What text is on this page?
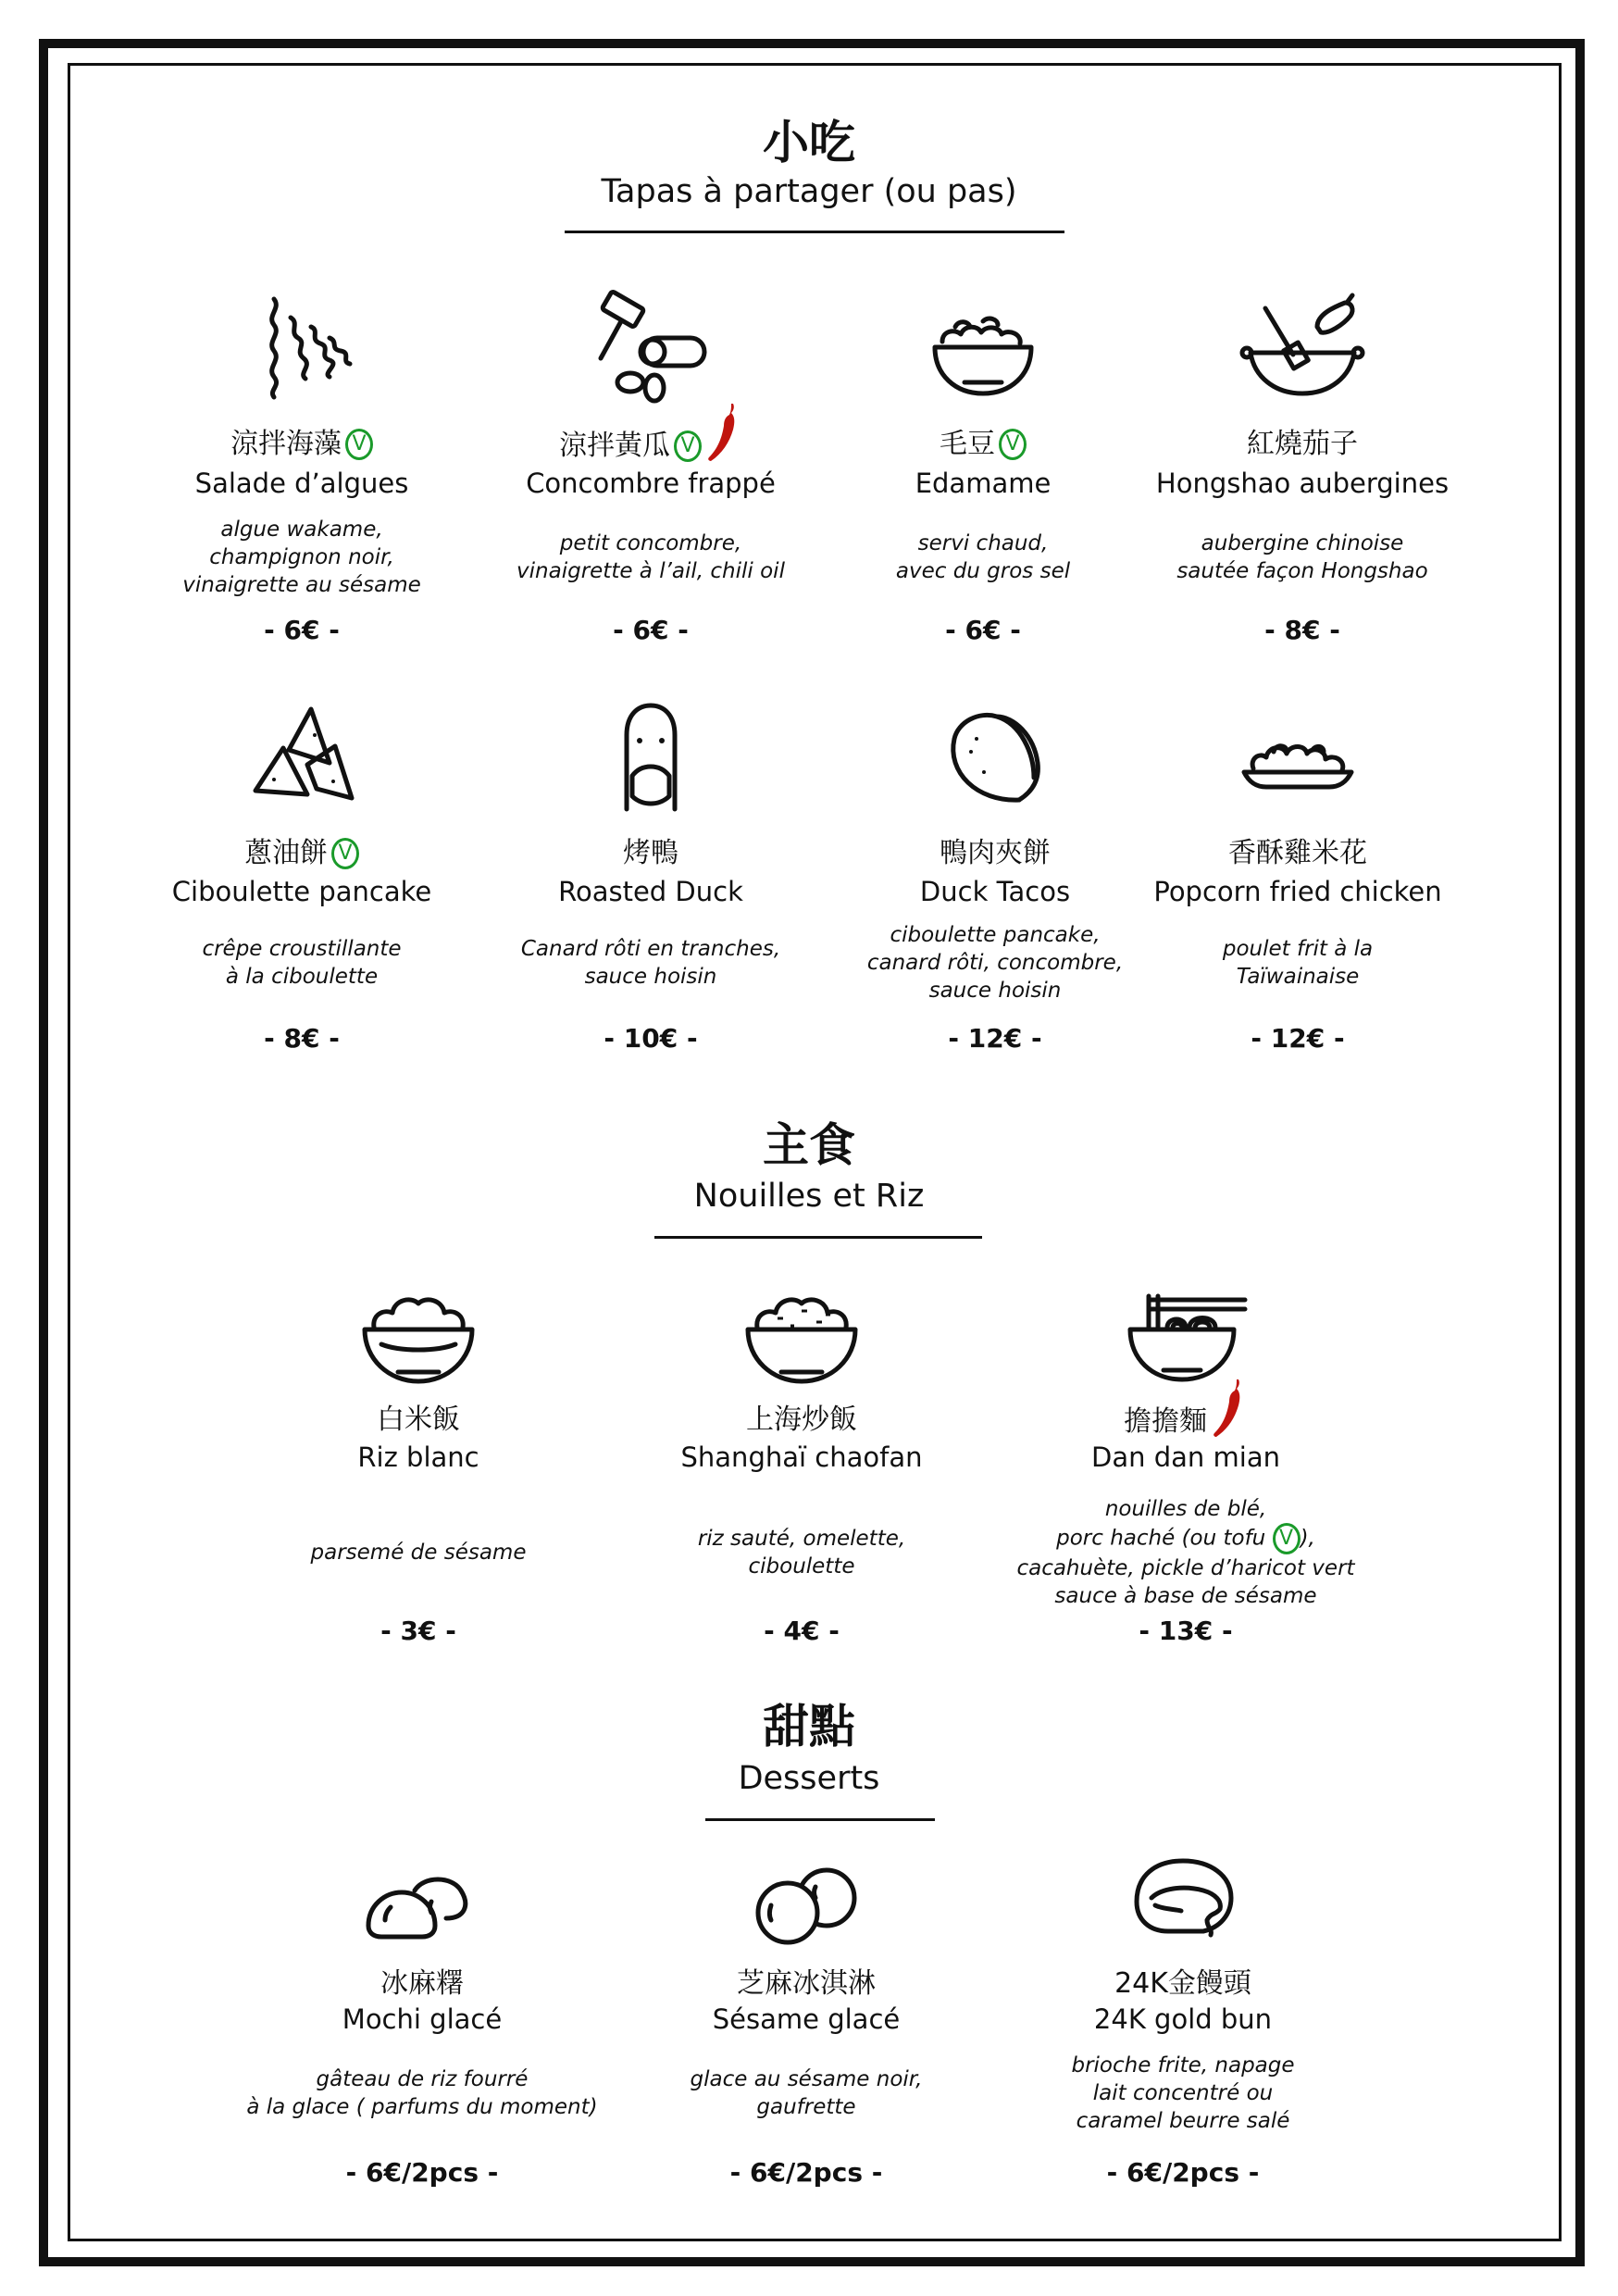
小吃
Tapas à partager (ou pas)
主食
Nouilles et Riz
甜點
Desserts
涼拌海藻 V
Salade d’algues
algue wakame,
champignon noir,
vinaigrette au sésame
- 6€ -
涼拌黃瓜 V
Concombre frappé
petit concombre,
vinaigrette à l’ail, chili oil
- 6€ -
毛豆 V
Edamame
servi chaud,
avec du gros sel
- 6€ -
紅燒茄子
Hongshao aubergines
aubergine chinoise
sautée façon Hongshao
- 8€ -
蔥油餅 V
Ciboulette pancake
crêpe croustillante
à la ciboulette
- 8€ -
烤鴨
Roasted Duck
Canard rôti en tranches,
sauce hoisin
- 10€ -
鴨肉夾餅
Duck Tacos
ciboulette pancake,
canard rôti, concombre,
sauce hoisin
- 12€ -
香酥雞米花
Popcorn fried chicken
poulet frit à la
Taïwainaise
- 12€ -
白米飯
Riz blanc
parsemé de sésame
- 3€ -
上海炒飯
Shanghaï chaofan
riz sauté, omelette,
ciboulette
- 4€ -
擔擔麵
Dan dan mian
nouilles de blé,
porc haché (ou tofu V ),
cacahuète, pickle d’haricot vert
sauce à base de sésame
- 13€ -
冰麻糬
Mochi glacé
gâteau de riz fourré
à la glace ( parfums du moment)
- 6€/2pcs -
芝麻冰淇淋
Sésame glacé
glace au sésame noir,
gaufrette
- 6€/2pcs -
24K金饅頭
24K gold bun
brioche frite, napage
lait concentré ou
caramel beurre salé
- 6€/2pcs -
